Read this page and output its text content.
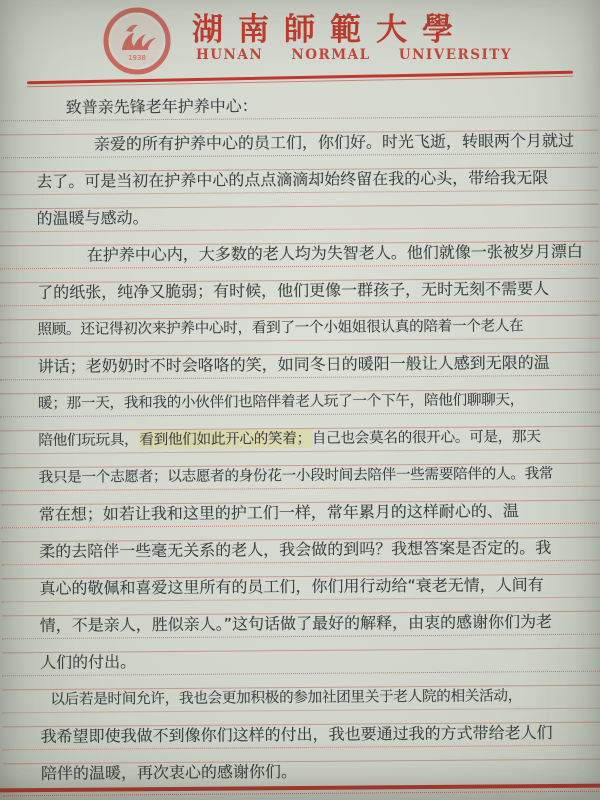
1938
湖南師範大學
HUNAN NORMAL UNIVERSITY
致普亲先锋老年护养中心：
亲爱的所有护养中心的员工们，你们好。时光飞逝，转眼两个月就过
去了。可是当初在护养中心的点点滴滴却始终留在我的心头，带给我无限
的温暖与感动。
在护养中心内，大多数的老人均为失智老人。他们就像一张被岁月漂白
了的纸张，纯净又脆弱；有时候，他们更像一群孩子，无时无刻不需要人
照顾。还记得初次来护养中心时，看到了一个小姐姐很认真的陪着一个老人在
讲话；老奶奶时不时会咯咯的笑，如同冬日的暖阳一般让人感到无限的温
暖；那一天，我和我的小伙伴们也陪伴着老人玩了一个下午，陪他们聊聊天，
陪他们玩玩具，看到他们如此开心的笑着；自己也会莫名的很开心。可是，那天
我只是一个志愿者；以志愿者的身份花一小段时间去陪伴一些需要陪伴的人。我常
常在想；如若让我和这里的护工们一样，常年累月的这样耐心的、温
柔的去陪伴一些毫无关系的老人，我会做的到吗？我想答案是否定的。我
真心的敬佩和喜爱这里所有的员工们，你们用行动给“衰老无情，人间有
情，不是亲人，胜似亲人。”这句话做了最好的解释，由衷的感谢你们为老
人们的付出。
以后若是时间允许，我也会更加积极的参加社团里关于老人院的相关活动，
我希望即使我做不到像你们这样的付出，我也要通过我的方式带给老人们
陪伴的温暖，再次衷心的感谢你们。
